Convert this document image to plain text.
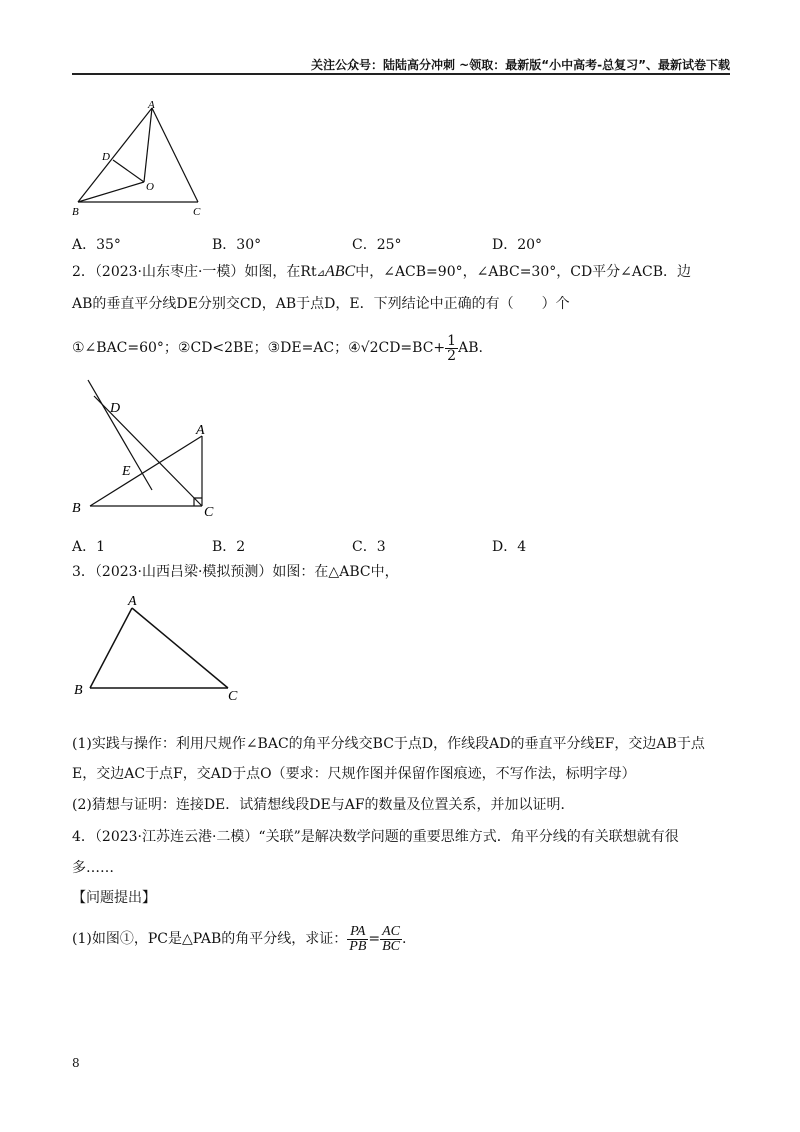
关注公众号：陆陆高分冲刺 ~领取：最新版“小中高考-总复习”、最新试卷下载
A
D
O
B	C
A．35°	B．30°	C．25°	D．20°
2．（2023·山东枣庄·一模）如图，在Rt⊿ABC中，∠ACB=90°，∠ABC=30°，CD平分∠ACB．边
AB的垂直平分线DE分别交CD，AB于点D，E．下列结论中正确的有（　　）个
①∠BAC=60°；②CD<2BE；③DE=AC；④√2CD=BC+ $\frac{1}{2}$ AB.
D
A
E
B	C
A．1	B．2	C．3	D．4
3．（2023·山西吕梁·模拟预测）如图：在△ABC中，
A
B	C
(1)实践与操作：利用尺规作∠BAC的角平分线交BC于点D，作线段AD的垂直平分线EF，交边AB于点
E，交边AC于点F，交AD于点O（要求：尺规作图并保留作图痕迹，不写作法，标明字母）
(2)猜想与证明：连接DE．试猜想线段DE与AF的数量及位置关系，并加以证明．
4．（2023·江苏连云港·二模）“关联”是解决数学问题的重要思维方式．角平分线的有关联想就有很
多……
【问题提出】
(1)如图①，PC是△PAB的角平分线，求证： $\frac{PA}{PB} = \frac{AC}{BC}$ .
8
